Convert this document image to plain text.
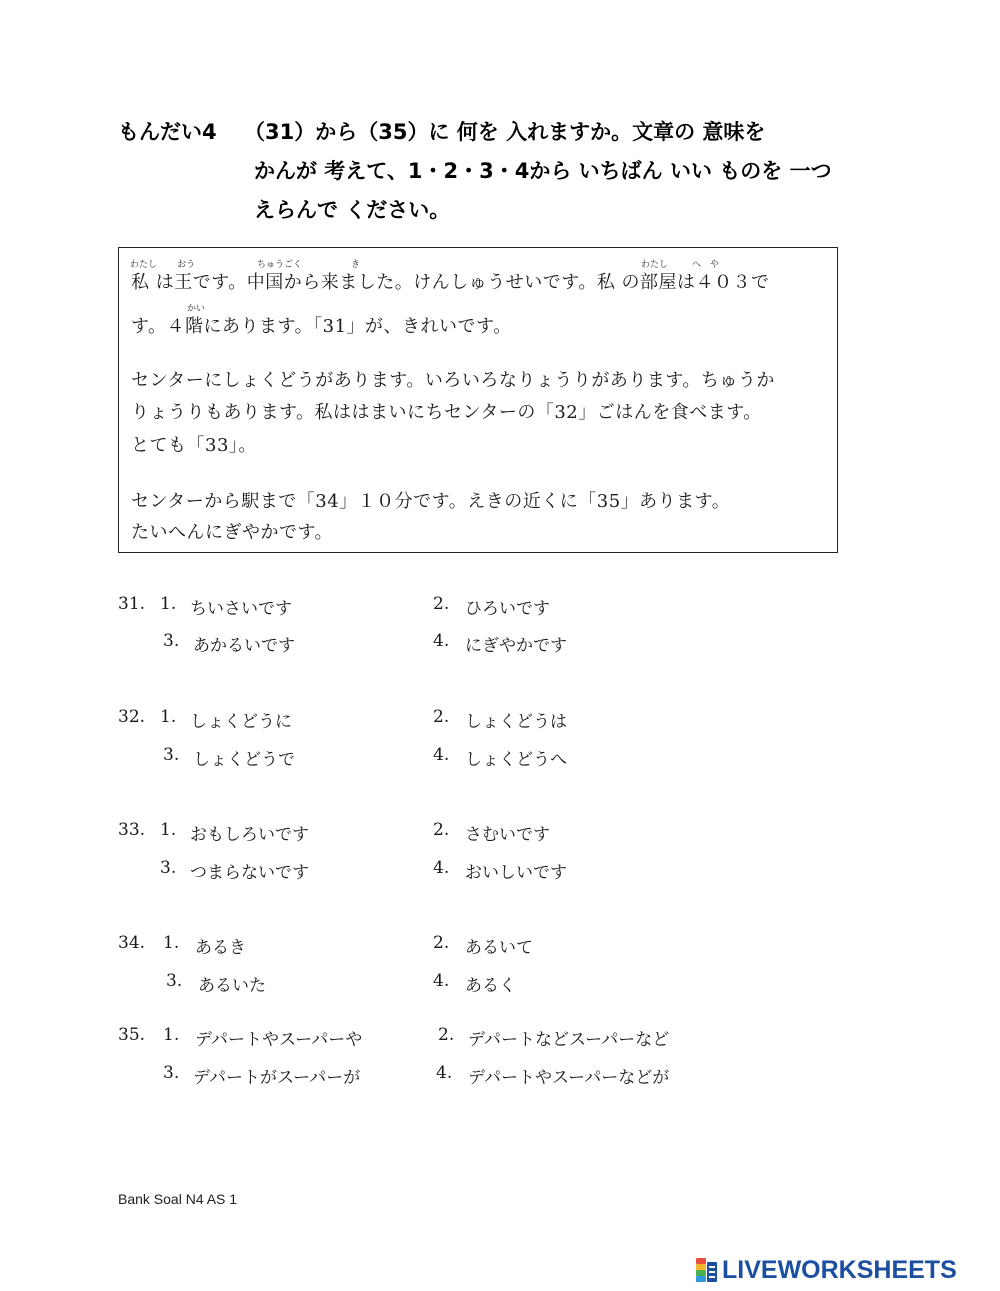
もんだい4 （31）から（35）に 何を 入れますか。文章の 意味を
かんが 考えて、1・2・3・4から いちばん いい ものを 一つ
えらんで ください。
わたし おう	ちゅうごく	き	わたし	へ　や
私 は王です。中国から来ました。けんしゅうせいです。私 の部屋は４０３で
かい
す。４階にあります。「31」が、きれいです。
センターにしょくどうがあります。いろいろなりょうりがあります。ちゅうか
りょうりもあります。私ははまいにちセンターの「32」ごはんを食べます。
とても「33」。
センターから駅まで「34」１０分です。えきの近くに「35」あります。
たいへんにぎやかです。
31. 1. ちいさいです	2. ひろいです
3. あかるいです	4. にぎやかです
32. 1. しょくどうに	2. しょくどうは
3. しょくどうで	4. しょくどうへ
33. 1. おもしろいです	2. さむいです
3. つまらないです	4. おいしいです
34. 1. あるき	2. あるいて
3. あるいた	4. あるく
35. 1. デパートやスーパーや	2. デパートなどスーパーなど
3. デパートがスーパーが	4. デパートやスーパーなどが
Bank Soal N4 AS 1
LIVEWORKSHEETS
